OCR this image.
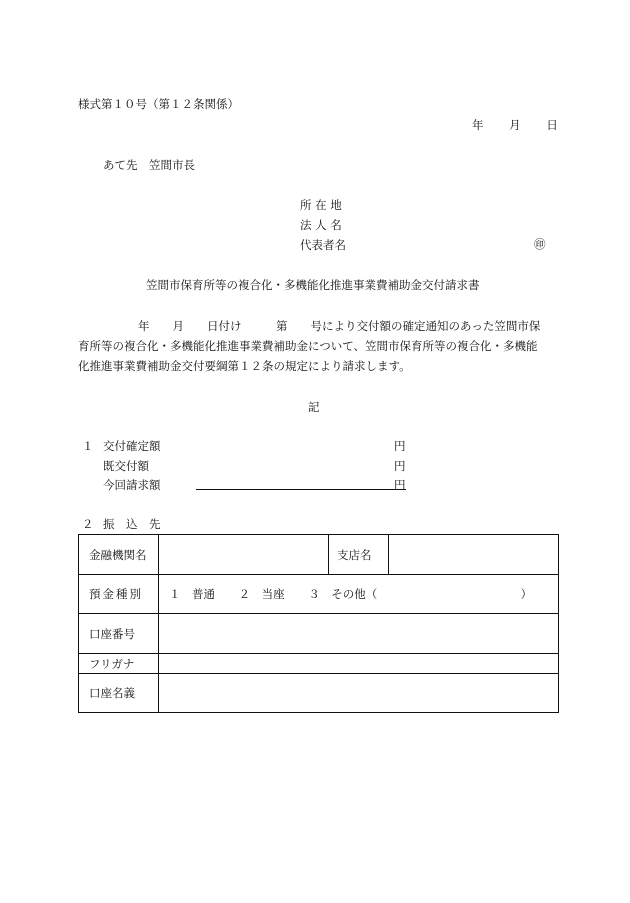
様式第１０号（第１２条関係）
年 月 日
あて先　笠間市長
所 在 地
法 人 名
代表者名	㊞
笠間市保育所等の複合化・多機能化推進事業費補助金交付請求書
年　　月　　日付け　　　第　　号により交付額の確定通知のあった笠間市保
育所等の複合化・多機能化推進事業費補助金について、笠間市保育所等の複合化・多機能
化推進事業費補助金交付要綱第１２条の規定により請求します。
記
１ 交付確定額	円
既交付額	円
今回請求額	円
２ 振　込　先
金融機関名		支店名	
預金種別	１　普通 ２　当座 ３　その他（ ）		
口座番号			
フリガナ			
口座名義			
